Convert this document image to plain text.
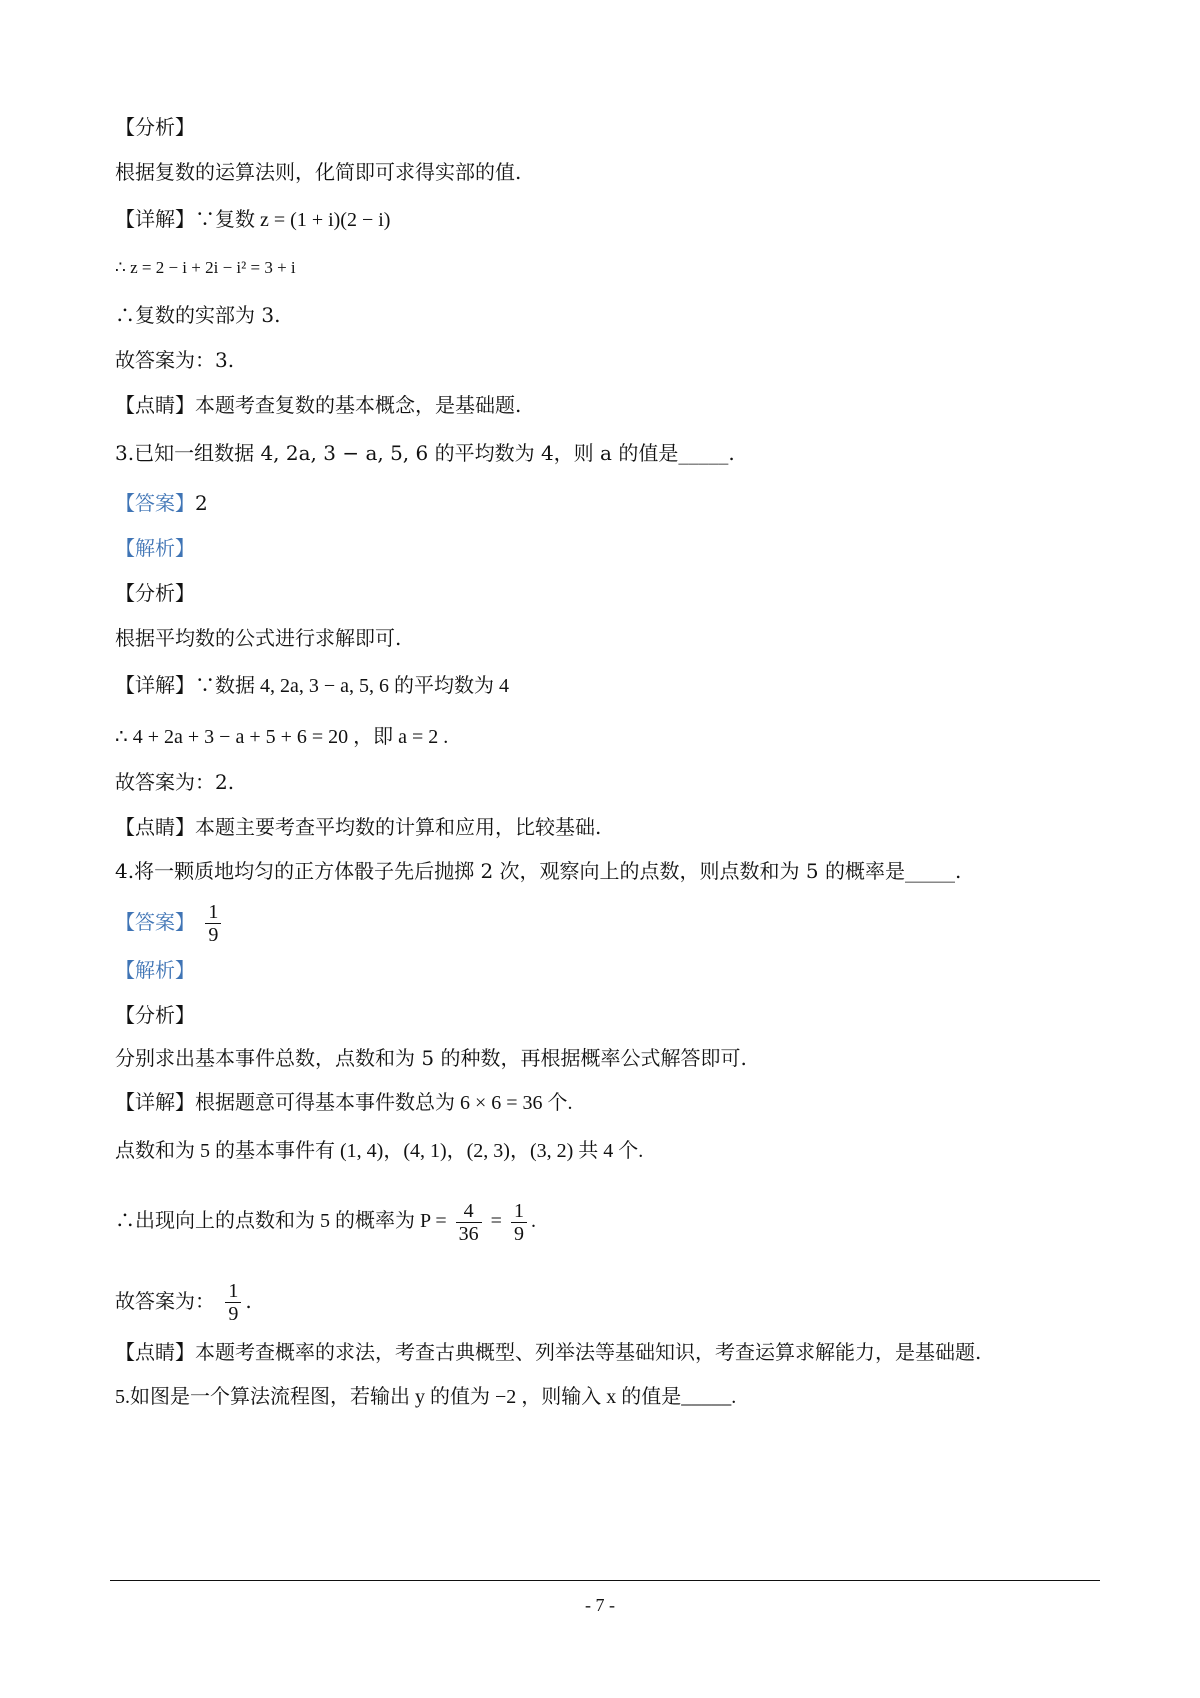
【分析】
根据复数的运算法则，化简即可求得实部的值.
【详解】∵复数 z = (1 + i)(2 − i)
∴ z = 2 − i + 2i − i² = 3 + i
∴复数的实部为 3.
故答案为：3.
【点睛】本题考查复数的基本概念，是基础题.
3.已知一组数据 4, 2a, 3 − a, 5, 6 的平均数为 4，则 a 的值是_____.
【答案】2
【解析】
【分析】
根据平均数的公式进行求解即可.
【详解】∵数据 4, 2a, 3 − a, 5, 6 的平均数为 4
∴ 4 + 2a + 3 − a + 5 + 6 = 20 ，即 a = 2 .
故答案为：2.
【点睛】本题主要考查平均数的计算和应用，比较基础.
4.将一颗质地均匀的正方体骰子先后抛掷 2 次，观察向上的点数，则点数和为 5 的概率是_____.
【答案】 $\frac{1}{9}$
【解析】
【分析】
分别求出基本事件总数，点数和为 5 的种数，再根据概率公式解答即可.
【详解】根据题意可得基本事件数总为 6 × 6 = 36 个.
点数和为 5 的基本事件有 (1, 4)，(4, 1)，(2, 3)，(3, 2) 共 4 个.
∴出现向上的点数和为 5 的概率为 $P = \frac{4}{36} = \frac{1}{9}$ .
故答案为： $\frac{1}{9}$ .
【点睛】本题考查概率的求法，考查古典概型、列举法等基础知识，考查运算求解能力，是基础题.
5.如图是一个算法流程图，若输出 y 的值为 −2 ，则输入 x 的值是_____.
- 7 -
